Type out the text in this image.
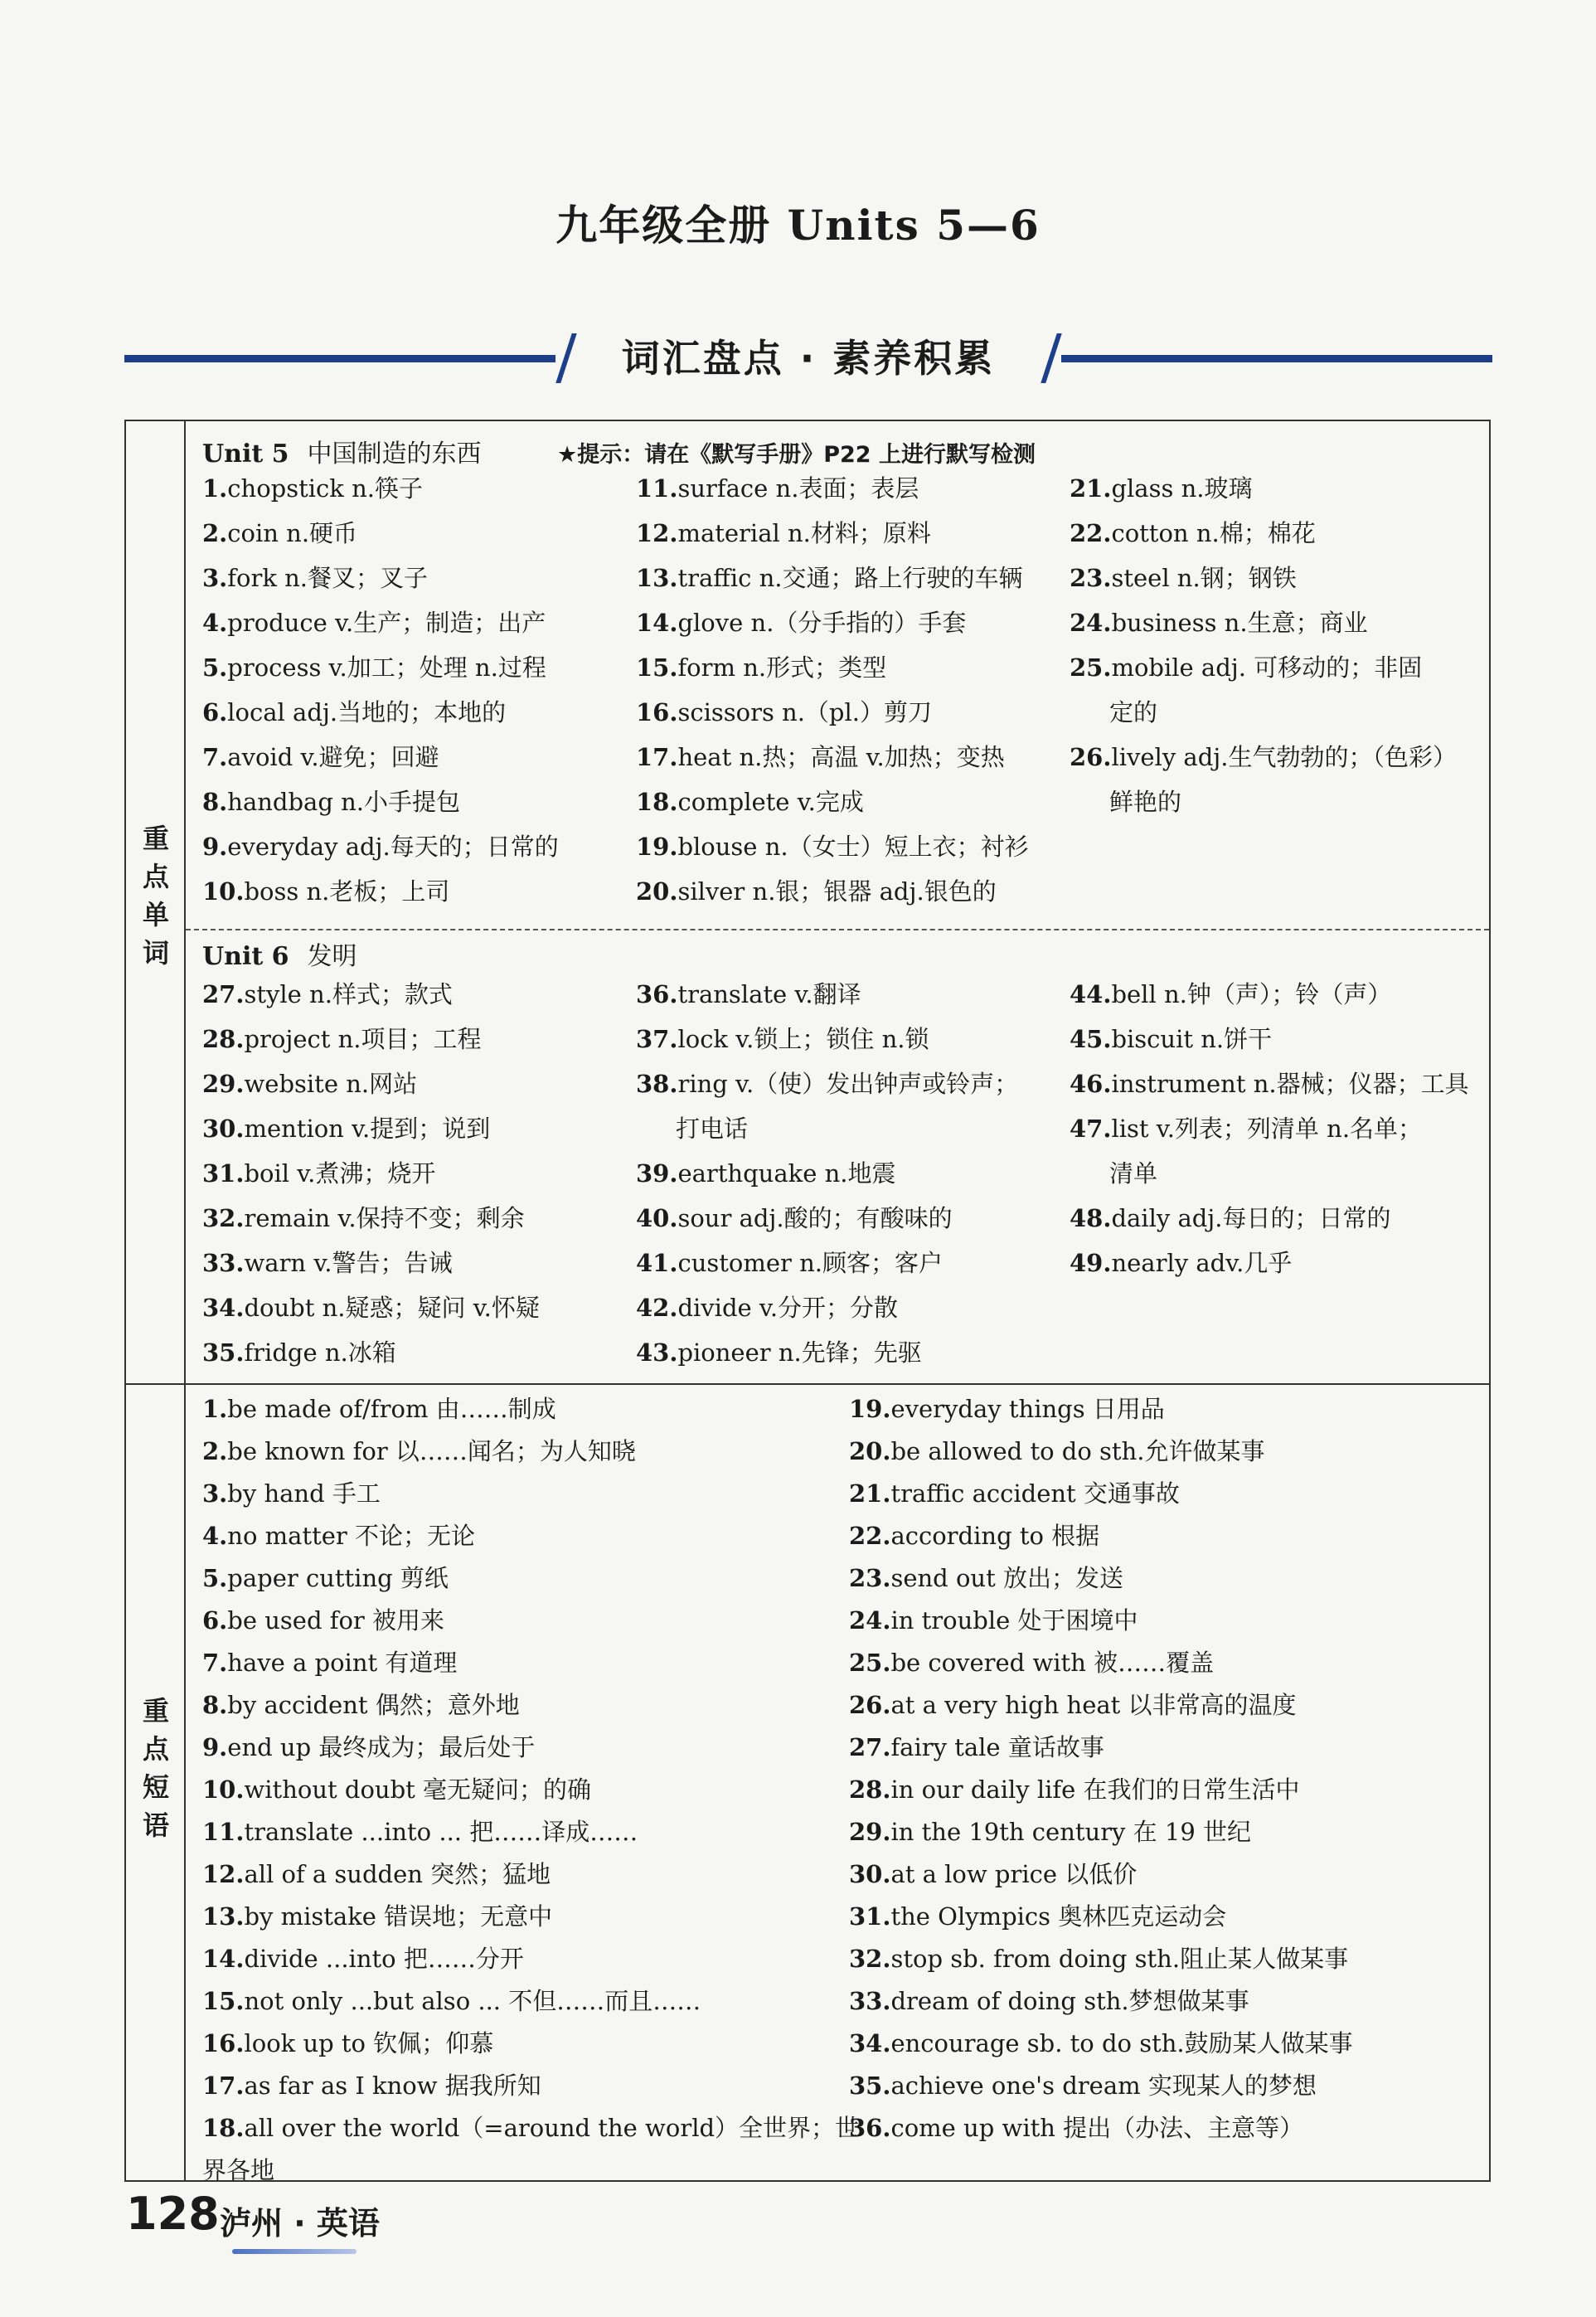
九年级全册 Units 5—6
词汇盘点 · 素养积累
重
点
单
词
重
点
短
语
Unit 5 中国制造的东西	★提示：请在《默写手册》P22 上进行默写检测
1.chopstick n.筷子
2.coin n.硬币
3.fork n.餐叉；叉子
4.produce v.生产；制造；出产
5.process v.加工；处理 n.过程
6.local adj.当地的；本地的
7.avoid v.避免；回避
8.handbag n.小手提包
9.everyday adj.每天的；日常的
10.boss n.老板；上司
11.surface n.表面；表层
12.material n.材料；原料
13.traffic n.交通；路上行驶的车辆
14.glove n.（分手指的）手套
15.form n.形式；类型
16.scissors n.（pl.）剪刀
17.heat n.热；高温 v.加热；变热
18.complete v.完成
19.blouse n.（女士）短上衣；衬衫
20.silver n.银；银器 adj.银色的
21.glass n.玻璃
22.cotton n.棉；棉花
23.steel n.钢；钢铁
24.business n.生意；商业
25.mobile adj. 可移动的；非固
定的
26.lively adj.生气勃勃的；（色彩）
鲜艳的
Unit 6 发明
27.style n.样式；款式
28.project n.项目；工程
29.website n.网站
30.mention v.提到；说到
31.boil v.煮沸；烧开
32.remain v.保持不变；剩余
33.warn v.警告；告诫
34.doubt n.疑惑；疑问 v.怀疑
35.fridge n.冰箱
36.translate v.翻译
37.lock v.锁上；锁住 n.锁
38.ring v.（使）发出钟声或铃声；
打电话
39.earthquake n.地震
40.sour adj.酸的；有酸味的
41.customer n.顾客；客户
42.divide v.分开；分散
43.pioneer n.先锋；先驱
44.bell n.钟（声）；铃（声）
45.biscuit n.饼干
46.instrument n.器械；仪器；工具
47.list v.列表；列清单 n.名单；
清单
48.daily adj.每日的；日常的
49.nearly adv.几乎
1.be made of/from 由……制成
2.be known for 以……闻名；为人知晓
3.by hand 手工
4.no matter 不论；无论
5.paper cutting 剪纸
6.be used for 被用来
7.have a point 有道理
8.by accident 偶然；意外地
9.end up 最终成为；最后处于
10.without doubt 毫无疑问；的确
11.translate ...into ... 把……译成……
12.all of a sudden 突然；猛地
13.by mistake 错误地；无意中
14.divide ...into 把……分开
15.not only ...but also ... 不但……而且……
16.look up to 钦佩；仰慕
17.as far as I know 据我所知
18.all over the world（=around the world）全世界；世
界各地
19.everyday things 日用品
20.be allowed to do sth.允许做某事
21.traffic accident 交通事故
22.according to 根据
23.send out 放出；发送
24.in trouble 处于困境中
25.be covered with 被……覆盖
26.at a very high heat 以非常高的温度
27.fairy tale 童话故事
28.in our daily life 在我们的日常生活中
29.in the 19th century 在 19 世纪
30.at a low price 以低价
31.the Olympics 奥林匹克运动会
32.stop sb. from doing sth.阻止某人做某事
33.dream of doing sth.梦想做某事
34.encourage sb. to do sth.鼓励某人做某事
35.achieve one's dream 实现某人的梦想
36.come up with 提出（办法、主意等）
128 泸州 · 英语
